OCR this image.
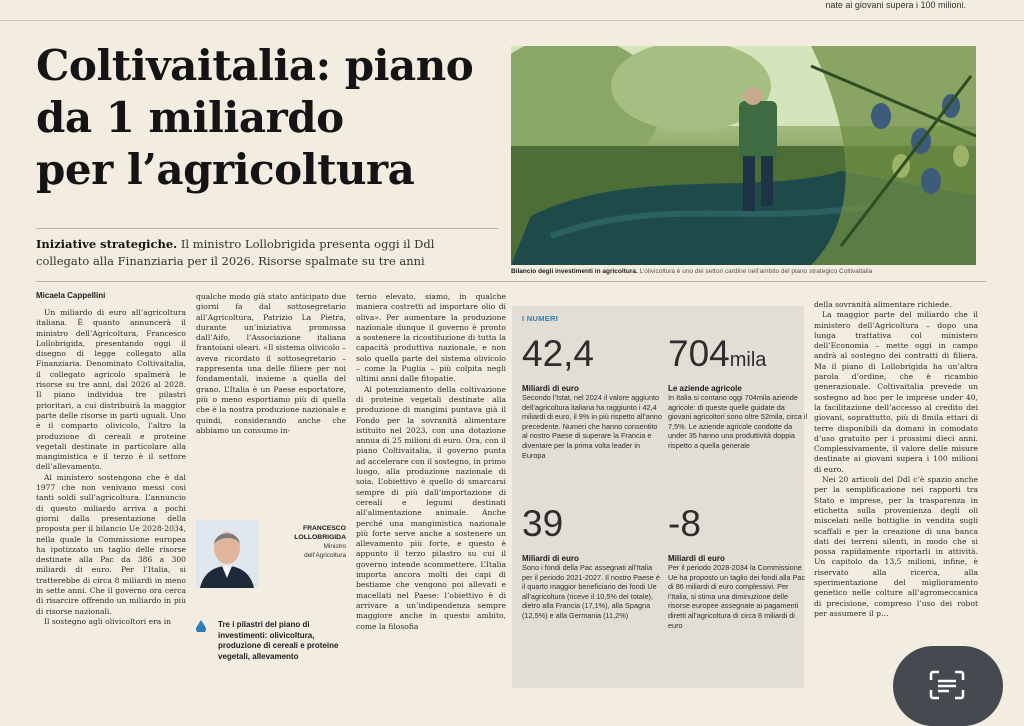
nate ai giovani supera i 100 milioni.
Coltivaitalia: piano
da 1 miliardo
per l’agricoltura
Bilancio degli investimenti in agricoltura. L’olivicoltura è uno dei settori cardine nell’ambito del piano strategico Coltivaitalia
Iniziative strategiche. Il ministro Lollobrigida presenta oggi il Ddl collegato alla Finanziaria per il 2026. Risorse spalmate su tre anni
Micaela Cappellini

Un miliardo di euro all’agricoltura italiana. È quanto annuncerà il ministro dell’Agricoltura, Francesco Lollobrigida, presentando oggi il disegno di legge collegato alla Finanziaria. Denominato Coltivaitalia, il collegato agricolo spalmerà le risorse su tre anni, dal 2026 al 2028. Il piano individua tre pilastri prioritari, a cui distribuirà la maggior parte delle risorse in parti uguali. Uno è il comparto olivicolo, l’altro la produzione di cereali e proteine vegetali destinate in particolare alla mangimistica e il terzo è il settore dell’allevamento.

Al ministero sostengono che è dal 1977 che non venivano messi così tanti soldi sull’agricoltura. L’annuncio di questo miliardo arriva a pochi giorni dalla presentazione della proposta per il bilancio Ue 2028-2034, nella quale la Commissione europea ha ipotizzato un taglio delle risorse destinate alla Pac da 386 a 300 miliardi di euro. Per l’Italia, si tratterebbe di circa 8 miliardi in meno in sette anni. Che il governo ora cerca di risarcire offrendo un miliardo in più di risorse nazionali.

Il sostegno agli olivicoltori era in

qualche modo già stato anticipato due giorni fa dal sottosegretario all’Agricoltura, Patrizio La Pietra, durante un’iniziativa promossa dall’Aifo, l’Associazione italiana frantoiani oleari. «Il sistema olivicolo – aveva ricordato il sottosegretario – rappresenta una delle filiere per noi fondamentali, insieme a quella del grano. L’Italia è un Paese esportatore, più o meno esportiamo più di quella che è la nostra produzione nazionale e quindi, considerando anche che abbiamo un consumo in-

FRANCESCO LOLLOBRIGIDA
Ministro dell’Agricoltura
Tre i pilastri del piano di investimenti: olivicoltura, produzione di cereali e proteine vegetali, allevamento

terno elevato, siamo, in qualche maniera costretti ad importare olio di oliva». Per aumentare la produzione nazionale dunque il governo è pronto a sostenere la ricostituzione di tutta la capacità produttiva nazionale, e non solo quella parte del sistema olivicolo – come la Puglia – più colpita negli ultimi anni dalle fitopatie.

Al potenziamento della coltivazione di proteine vegetali destinate alla produzione di mangimi puntava già il Fondo per la sovranità alimentare istituito nel 2023, con una dotazione annua di 25 milioni di euro. Ora, con il piano Coltivaitalia, il governo punta ad accelerare con il sostegno, in primo luogo, alla produzione nazionale di soia. L’obiettivo è quello di smarcarsi sempre di più dall’importazione di cereali e legumi destinati all’alimentazione animale. Anche perché una mangimistica nazionale più forte serve anche a sostenere un allevamento più forte, e questo è appunto il terzo pilastro su cui il governo intende scommettere. L’Italia importa ancora molti dei capi di bestiame che vengono poi allevati e macellati nel Paese: l’obiettivo è di arrivare a un’indipendenza sempre maggiore anche in questo ambito, come la filosofia

I NUMERI
42,4
Miliardi di euro
Secondo l’Istat, nel 2024 il valore aggiunto dell’agricoltura italiana ha raggiunto i 42,4 miliardi di euro, il 9% in più rispetto all’anno precedente. Numeri che hanno consentito al nostro Paese di superare la Francia e diventare per la prima volta leader in Europa
704mila
Le aziende agricole
In Italia si contano oggi 704mila aziende agricole: di queste quelle guidate da giovani agricoltori sono oltre 52mila, circa il 7,5%. Le aziende agricole condotte da under 35 hanno una produttività doppia rispetto a quella generale
39
Miliardi di euro
Sono i fondi della Pac assegnati all’Italia per il periodo 2021-2027. Il nostro Paese è il quarto maggior beneficiario dei fondi Ue all’agricoltura (riceve il 10,5% del totale), dietro alla Francia (17,1%), alla Spagna (12,5%) e alla Germania (11,2%)
-8
Miliardi di euro
Per il periodo 2028-2034 la Commissione Ue ha proposto un taglio dei fondi alla Pac di 86 miliardi di euro complessivi. Per l’Italia, si stima una diminuzione delle risorse europee assegnate ai pagamenti diretti all’agricoltura di circa 8 miliardi di euro

della sovranità alimentare richiede.

La maggior parte del miliardo che il ministero dell’Agricoltura – dopo una lunga trattativa col ministero dell’Economia – mette oggi in campo andrà al sostegno dei contratti di filiera. Ma il piano di Lollobrigida ha un’altra parola d’ordine, che è ricambio generazionale. Coltivaitalia prevede un sostegno ad hoc per le imprese under 40, la facilitazione dell’accesso al credito dei giovani, soprattutto, più di 8mila ettari di terre disponibili da domani in comodato d’uso gratuito per i prossimi dieci anni. Complessivamente, il valore delle misure destinate ai giovani supera i 100 milioni di euro.

Nei 20 articoli del Ddl c’è spazio anche per la semplificazione nei rapporti tra Stato e imprese, per la trasparenza in etichetta sulla provenienza degli oli miscelati nelle bottiglie in vendita sugli scaffali e per la creazione di una banca dati dei terreni silenti, in modo che si possa rapidamente riportarli in attività. Un capitolo da 13,5 milioni, infine, è riservato alla ricerca, alla sperimentazione del miglioramento genetico nelle colture all’agromeccanica di precisione, compreso l’uso dei robot per assumere il p…
